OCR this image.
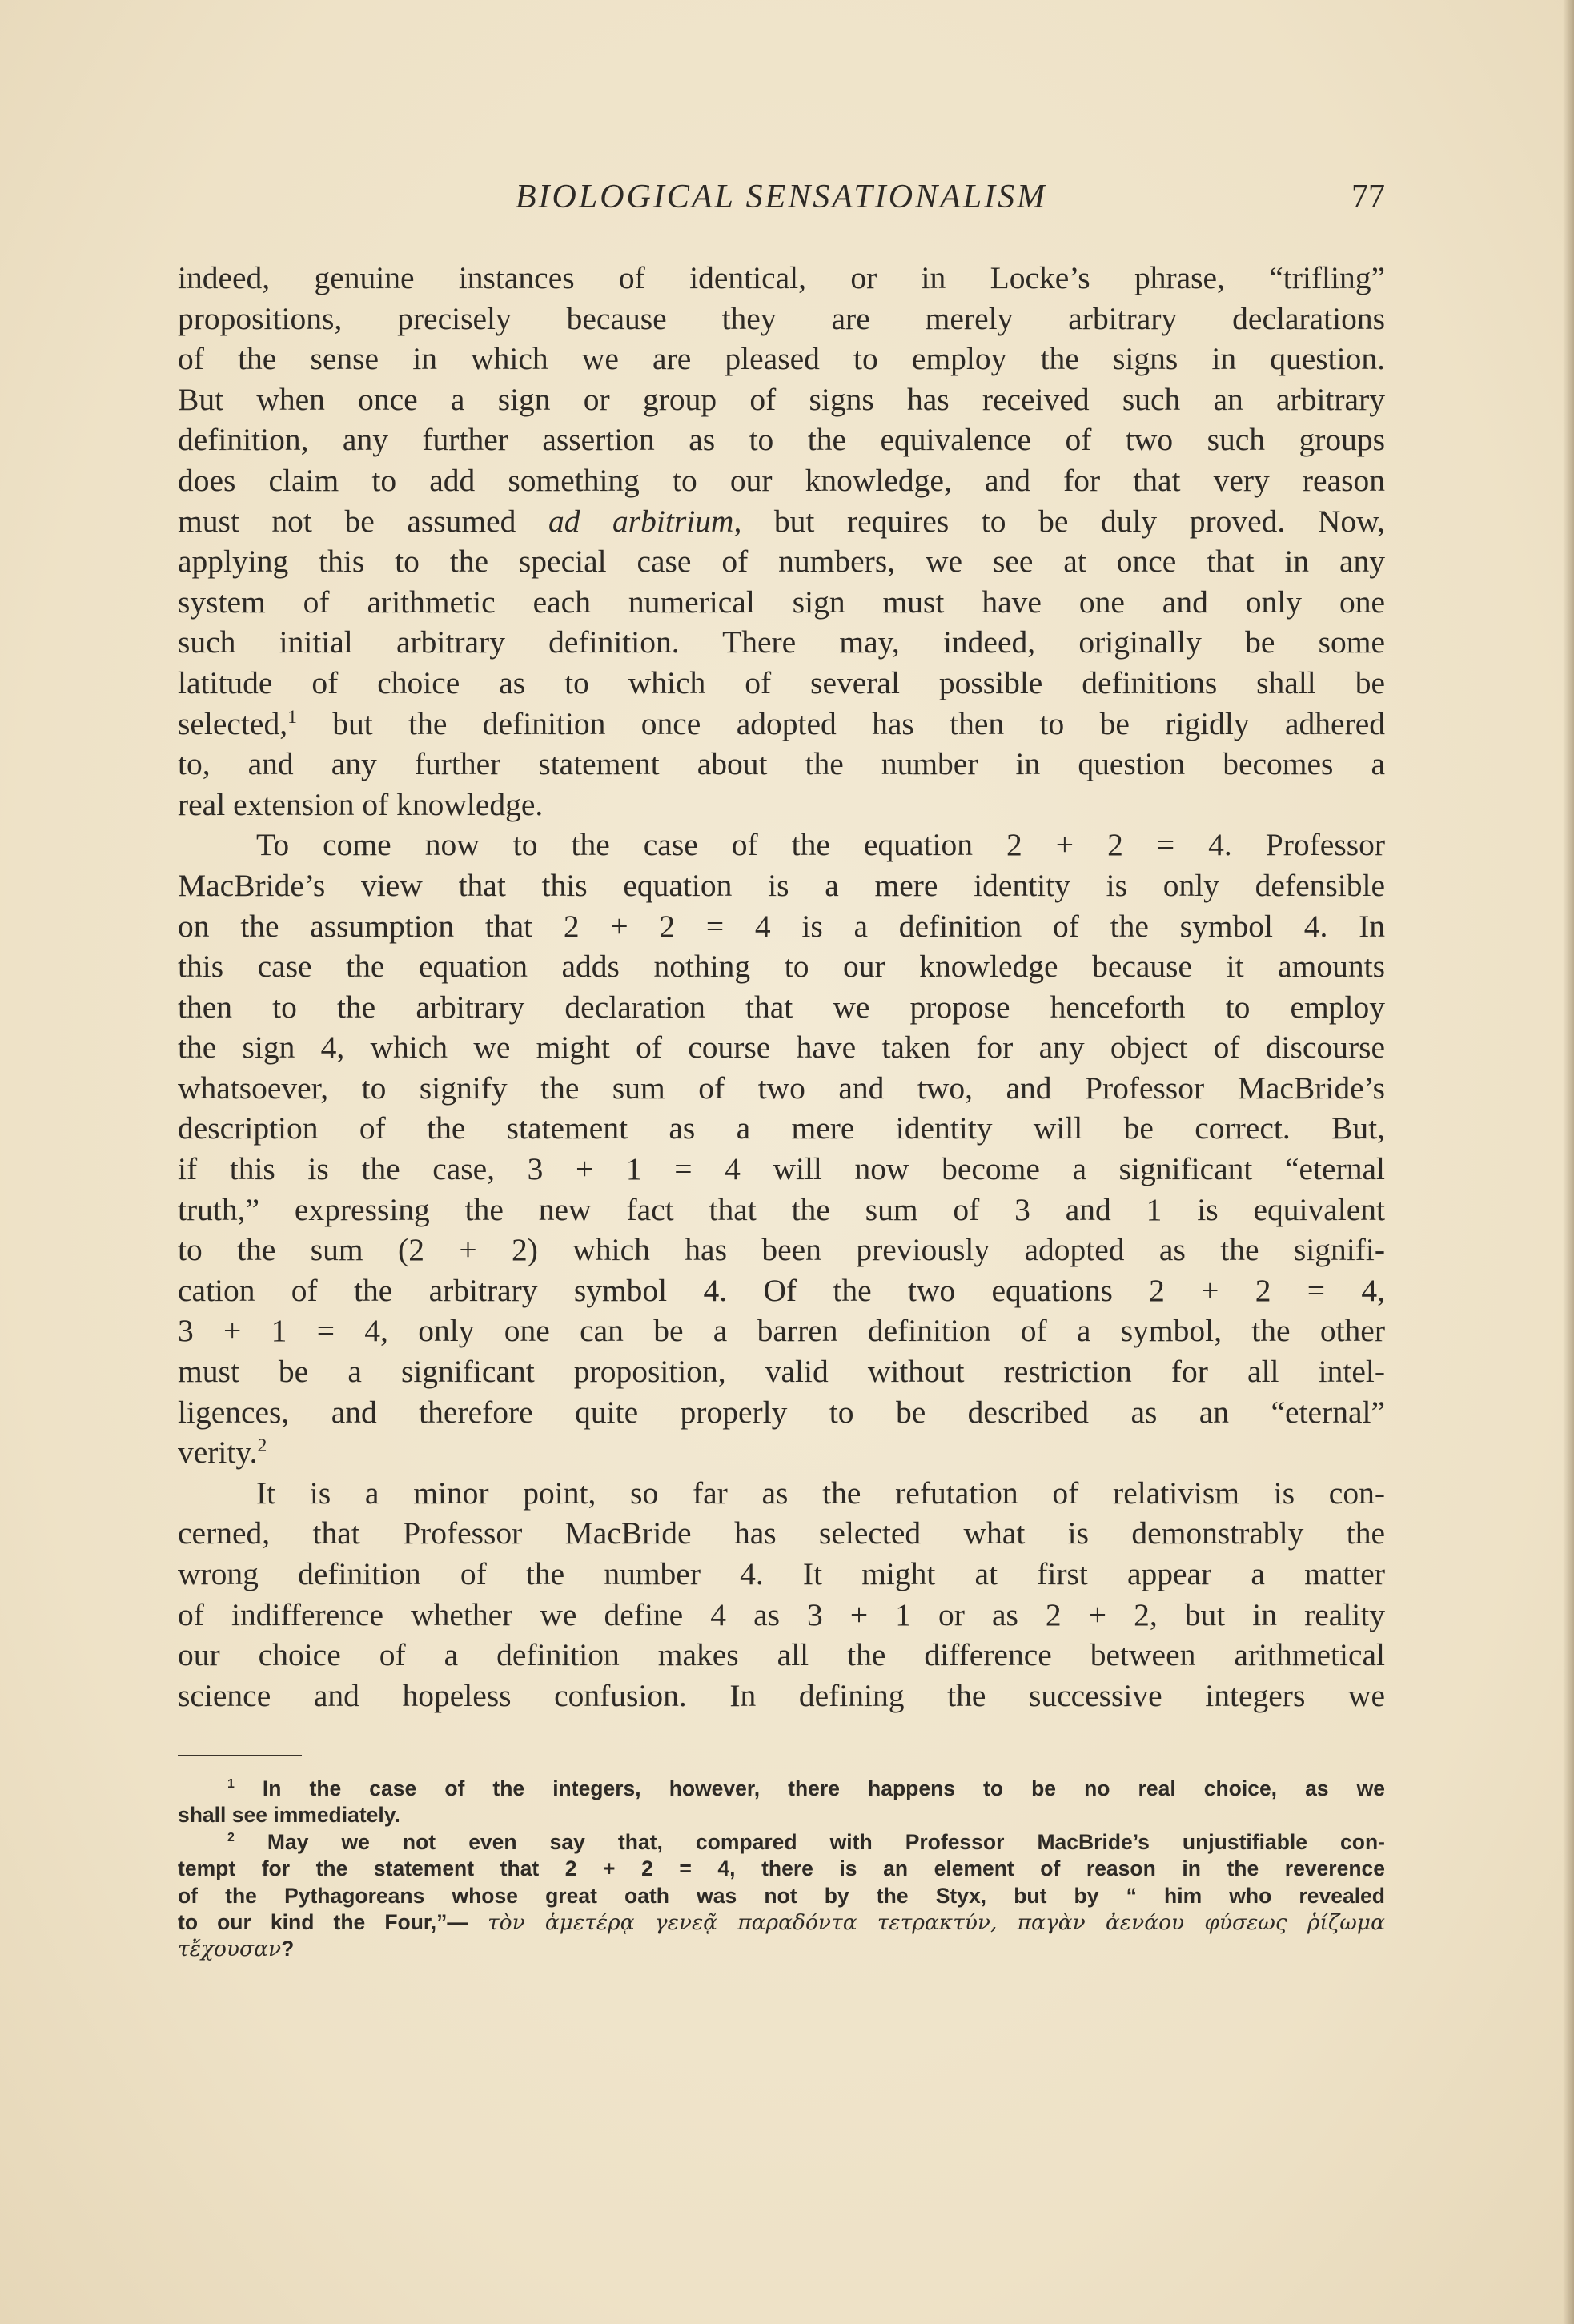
BIOLOGICAL SENSATIONALISM	77
indeed, genuine instances of identical, or in Locke’s phrase, “trifling”
propositions, precisely because they are merely arbitrary declarations
of the sense in which we are pleased to employ the signs in question.
But when once a sign or group of signs has received such an arbitrary
definition, any further assertion as to the equivalence of two such groups
does claim to add something to our knowledge, and for that very reason
must not be assumed ad arbitrium, but requires to be duly proved. Now,
applying this to the special case of numbers, we see at once that in any
system of arithmetic each numerical sign must have one and only one
such initial arbitrary definition. There may, indeed, originally be some
latitude of choice as to which of several possible definitions shall be
selected,$^1$ but the definition once adopted has then to be rigidly adhered
to, and any further statement about the number in question becomes a
real extension of knowledge.
To come now to the case of the equation 2 + 2 = 4. Professor
MacBride’s view that this equation is a mere identity is only defensible
on the assumption that 2 + 2 = 4 is a definition of the symbol 4. In
this case the equation adds nothing to our knowledge because it amounts
then to the arbitrary declaration that we propose henceforth to employ
the sign 4, which we might of course have taken for any object of discourse
whatsoever, to signify the sum of two and two, and Professor MacBride’s
description of the statement as a mere identity will be correct. But,
if this is the case, 3 + 1 = 4 will now become a significant “eternal
truth,” expressing the new fact that the sum of 3 and 1 is equivalent
to the sum (2 + 2) which has been previously adopted as the signifi-
cation of the arbitrary symbol 4. Of the two equations 2 + 2 = 4,
3 + 1 = 4, only one can be a barren definition of a symbol, the other
must be a significant proposition, valid without restriction for all intel-
ligences, and therefore quite properly to be described as an “eternal”
verity.$^2$
It is a minor point, so far as the refutation of relativism is con-
cerned, that Professor MacBride has selected what is demonstrably the
wrong definition of the number 4. It might at first appear a matter
of indifference whether we define 4 as 3 + 1 or as 2 + 2, but in reality
our choice of a definition makes all the difference between arithmetical
science and hopeless confusion. In defining the successive integers we
$^1$ In the case of the integers, however, there happens to be no real choice, as we
shall see immediately.
$^2$ May we not even say that, compared with Professor MacBride’s unjustifiable con-
tempt for the statement that 2 + 2 = 4, there is an element of reason in the reverence
of the Pythagoreans whose great oath was not by the Styx, but by “ him who revealed
to our kind the Four,”— τὸν ἁμετέρᾳ γενεᾷ παραδόντα τετρακτύν, παγὰν ἀενάου φύσεως ῥίζωμα
τἔχουσαν?
